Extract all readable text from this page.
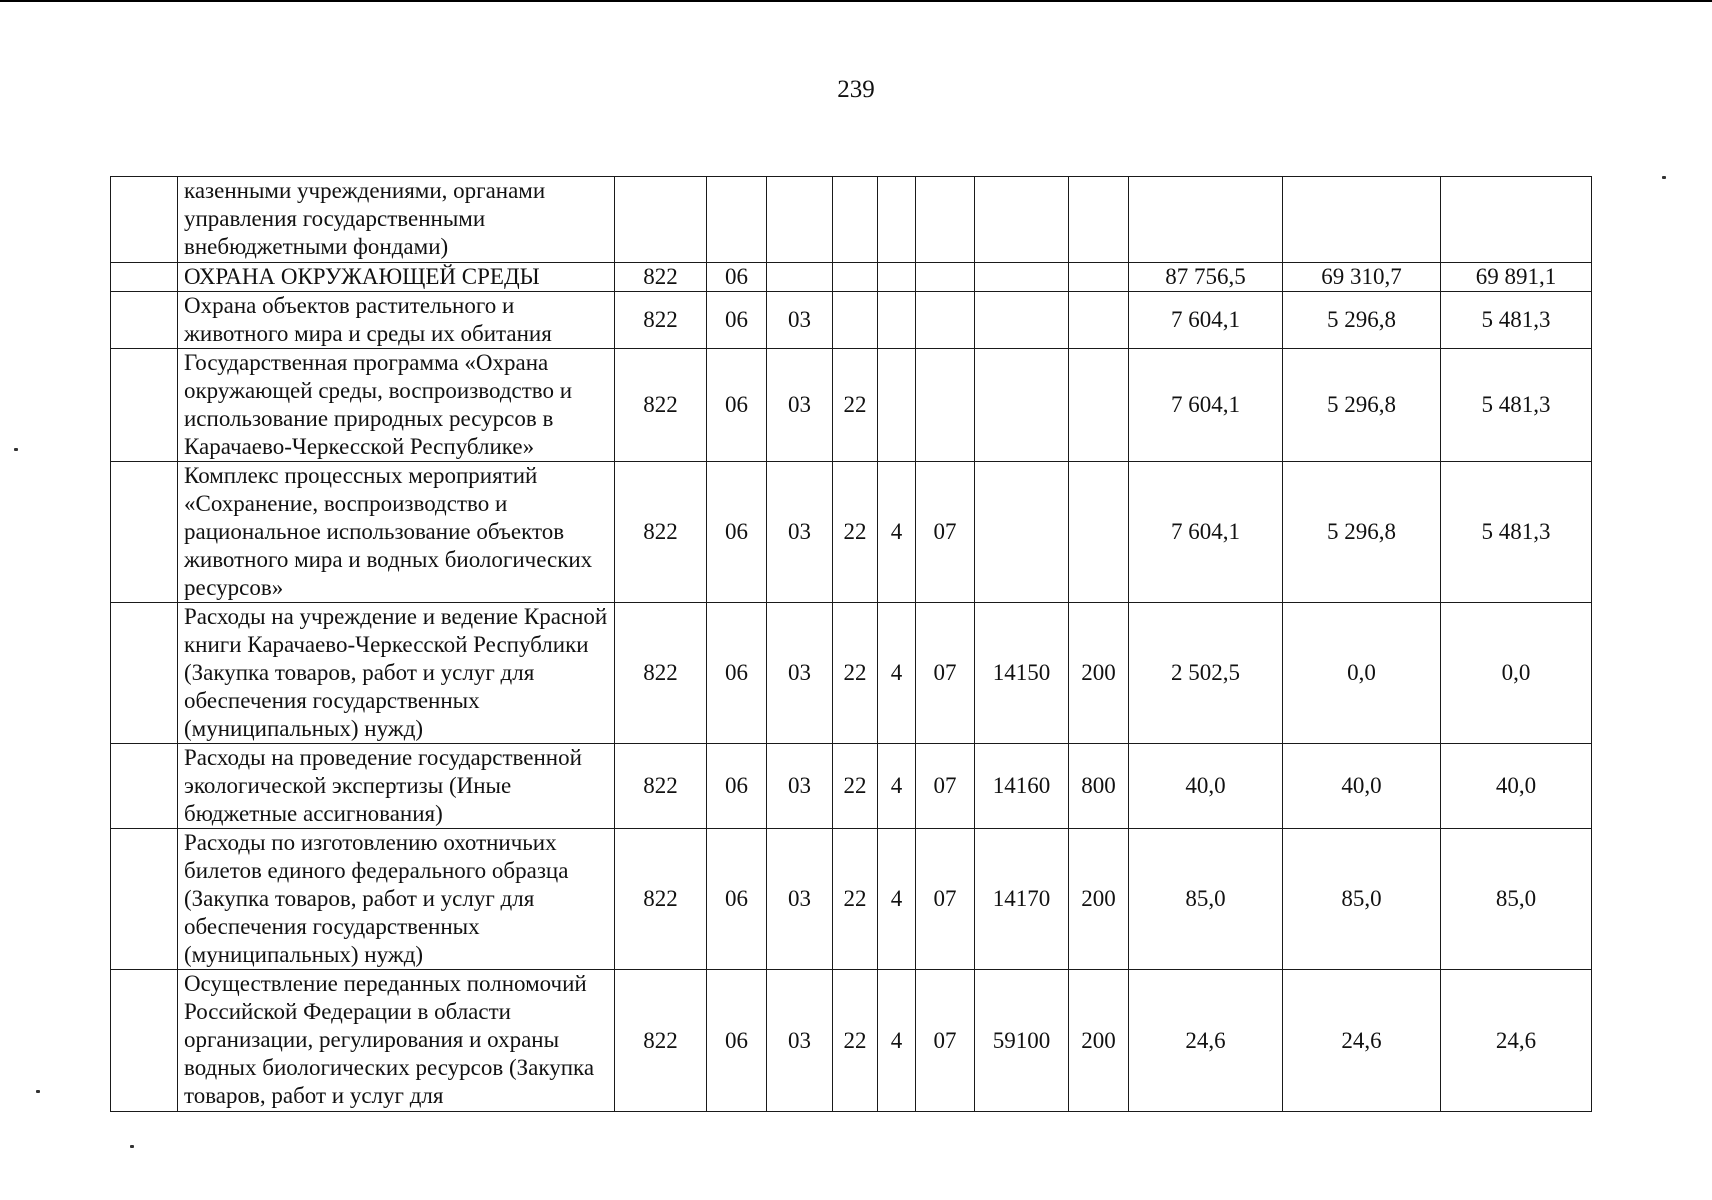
239
	казенными учреждениями, органами управления государственными внебюджетными фондами)											
	ОХРАНА ОКРУЖАЮЩЕЙ СРЕДЫ	822	06							87 756,5	69 310,7	69 891,1
	Охрана объектов растительного и животного мира и среды их обитания	822	06	03						7 604,1	5 296,8	5 481,3
	Государственная программа «Охрана окружающей среды, воспроизводство и использование природных ресурсов в Карачаево-Черкесской Республике»	822	06	03	22					7 604,1	5 296,8	5 481,3
	Комплекс процессных мероприятий «Сохранение, воспроизводство и рациональное использование объектов животного мира и водных биологических ресурсов»	822	06	03	22	4	07			7 604,1	5 296,8	5 481,3
	Расходы на учреждение и ведение Красной книги Карачаево-Черкесской Республики (Закупка товаров, работ и услуг для обеспечения государственных (муниципальных) нужд)	822	06	03	22	4	07	14150	200	2 502,5	0,0	0,0
	Расходы на проведение государственной экологической экспертизы (Иные бюджетные ассигнования)	822	06	03	22	4	07	14160	800	40,0	40,0	40,0
	Расходы по изготовлению охотничьих билетов единого федерального образца (Закупка товаров, работ и услуг для обеспечения государственных (муниципальных) нужд)	822	06	03	22	4	07	14170	200	85,0	85,0	85,0
	Осуществление переданных полномочий Российской Федерации в области организации, регулирования и охраны водных биологических ресурсов (Закупка товаров, работ и услуг для	822	06	03	22	4	07	59100	200	24,6	24,6	24,6
